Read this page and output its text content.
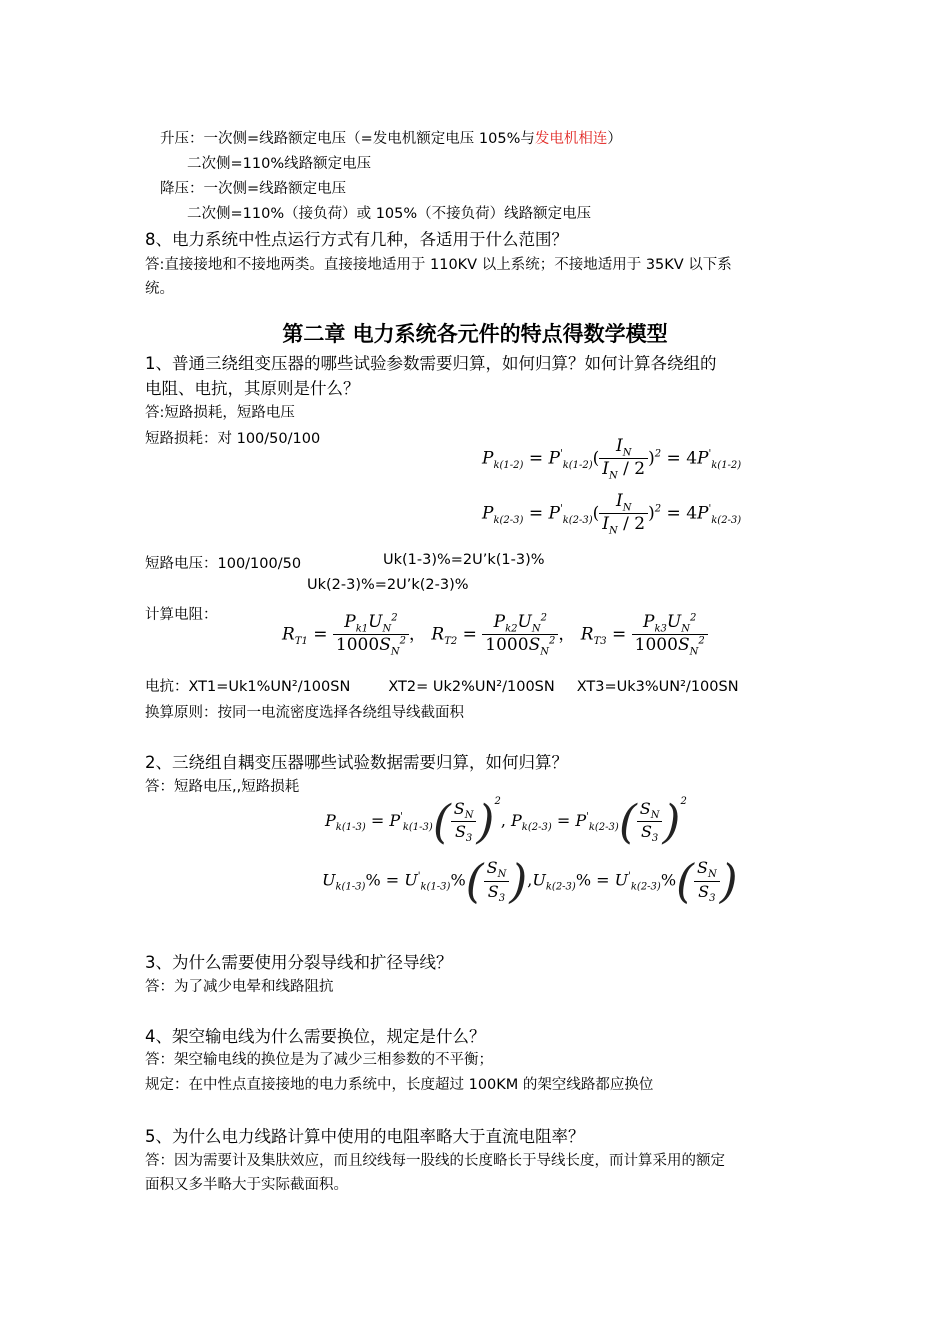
升压：一次侧=线路额定电压（=发电机额定电压 105%与发电机相连）
二次侧=110%线路额定电压
降压：一次侧=线路额定电压
二次侧=110%（接负荷）或 105%（不接负荷）线路额定电压
8、电力系统中性点运行方式有几种，各适用于什么范围？
答:直接接地和不接地两类。直接接地适用于 110KV 以上系统；不接地适用于 35KV 以下系
统。
第二章 电力系统各元件的特点得数学模型
1、普通三绕组变压器的哪些试验参数需要归算，如何归算？如何计算各绕组的
电阻、电抗，其原则是什么？
答:短路损耗，短路电压
短路损耗：对 100/50/100
$P_{k(1-2)} = P'_{k(1-2)}( \frac{I_N}{I_N / 2} )^2 = 4P'_{k(1-2)}$
$P_{k(2-3)} = P'_{k(2-3)}( \frac{I_N}{I_N / 2} )^2 = 4P'_{k(2-3)}$
短路电压：100/100/50	Uk(1-3)%=2U’k(1-3)%
Uk(2-3)%=2U’k(2-3)%
计算电阻：
$R_{T1} = \frac{P_{k1}U_N^2}{1000S_N^2}$ ， $R_{T2} = \frac{P_{k2}U_N^2}{1000S_N^2}$ ， $R_{T3} = \frac{P_{k3}U_N^2}{1000S_N^2}$
电抗：XT1=Uk1%UN²/100SN	XT2= Uk2%UN²/100SN XT3=Uk3%UN²/100SN
换算原则：按同一电流密度选择各绕组导线截面积
2、三绕组自耦变压器哪些试验数据需要归算，如何归算？
答：短路电压,,短路损耗
$P_{k(1-3)} = P'_{k(1-3)}( \frac{S_N}{S_3} )^2$, $P_{k(2-3)} = P'_{k(2-3)}( \frac{S_N}{S_3} )^2$
$U_{k(1-3)}\% = U'_{k(1-3)}\%( \frac{S_N}{S_3} ),U_{k(2-3)}\% = U'_{k(2-3)}\%( \frac{S_N}{S_3}$ )
3、为什么需要使用分裂导线和扩径导线？
答：为了减少电晕和线路阻抗
4、架空输电线为什么需要换位，规定是什么？
答：架空输电线的换位是为了减少三相参数的不平衡；
规定：在中性点直接接地的电力系统中，长度超过 100KM 的架空线路都应换位
5、为什么电力线路计算中使用的电阻率略大于直流电阻率？
答：因为需要计及集肤效应，而且绞线每一股线的长度略长于导线长度，而计算采用的额定
面积又多半略大于实际截面积。
